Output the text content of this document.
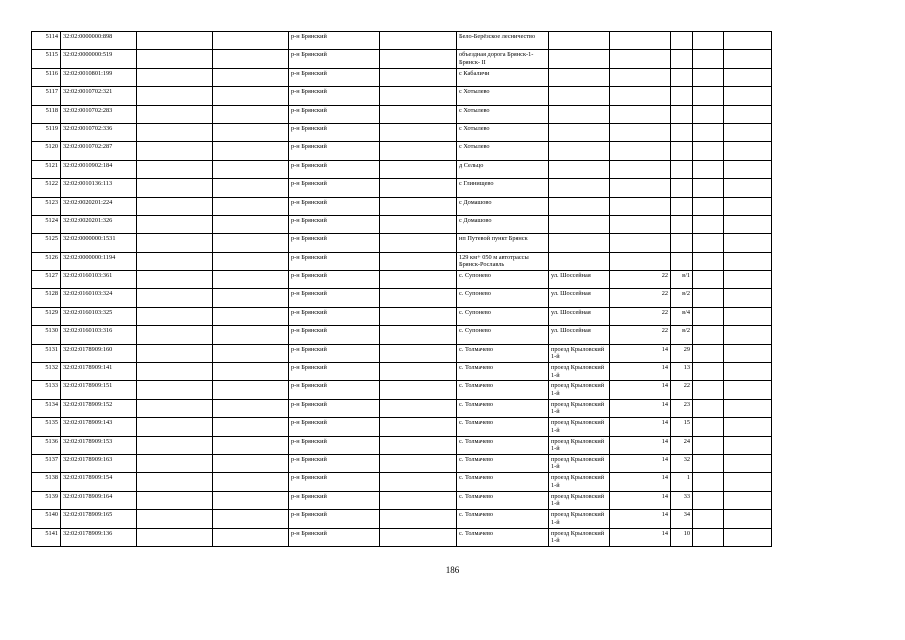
5114	32:02:0000000:898			р-н Брянский		Бело-Берёзское лесничество					
5115	32:02:0000000:519			р-н Брянский		объездная дорога Брянск-1- Брянск- II					
5116	32:02:0010801:199			р-н Брянский		с Кабаличи					
5117	32:02:0010702:321			р-н Брянский		с Хотылево					
5118	32:02:0010702:283			р-н Брянский		с Хотылево					
5119	32:02:0010702:336			р-н Брянский		с Хотылево					
5120	32:02:0010702:287			р-н Брянский		с Хотылево					
5121	32:02:0010902:184			р-н Брянский		д Сельцо					
5122	32:02:0010136:113			р-н Брянский		с Глинищево					
5123	32:02:0020201:224			р-н Брянский		с Домашово					
5124	32:02:0020201:326			р-н Брянский		с Домашово					
5125	32:02:0000000:1531			р-н Брянский		нп Путевой пункт Брянск					
5126	32:02:0000000:1194			р-н Брянский		129 км+ 050 м автотрассы Брянск-Рославль					
5127	32:02:0160103:361			р-н Брянский		с. Супонево	ул. Шоссейная	22	в/1		
5128	32:02:0160103:324			р-н Брянский		с. Супонево	ул. Шоссейная	22	в/2		
5129	32:02:0160103:325			р-н Брянский		с. Супонево	ул. Шоссейная	22	в/4		
5130	32:02:0160103:316			р-н Брянский		с. Супонево	ул. Шоссейная	22	в/2		
5131	32:02:0178909:160			р-н Брянский		с. Толмачево	проезд Крыловский 1-й	14	29		
5132	32:02:0178909:141			р-н Брянский		с. Толмачево	проезд Крыловский 1-й	14	13		
5133	32:02:0178909:151			р-н Брянский		с. Толмачево	проезд Крыловский 1-й	14	22		
5134	32:02:0178909:152			р-н Брянский		с. Толмачево	проезд Крыловский 1-й	14	23		
5135	32:02:0178909:143			р-н Брянский		с. Толмачево	проезд Крыловский 1-й	14	15		
5136	32:02:0178909:153			р-н Брянский		с. Толмачево	проезд Крыловский 1-й	14	24		
5137	32:02:0178909:163			р-н Брянский		с. Толмачево	проезд Крыловский 1-й	14	32		
5138	32:02:0178909:154			р-н Брянский		с. Толмачево	проезд Крыловский 1-й	14	1		
5139	32:02:0178909:164			р-н Брянский		с. Толмачево	проезд Крыловский 1-й	14	33		
5140	32:02:0178909:165			р-н Брянский		с. Толмачево	проезд Крыловский 1-й	14	34		
5141	32:02:0178909:136			р-н Брянский		с. Толмачево	проезд Крыловский 1-й	14	10		
186
